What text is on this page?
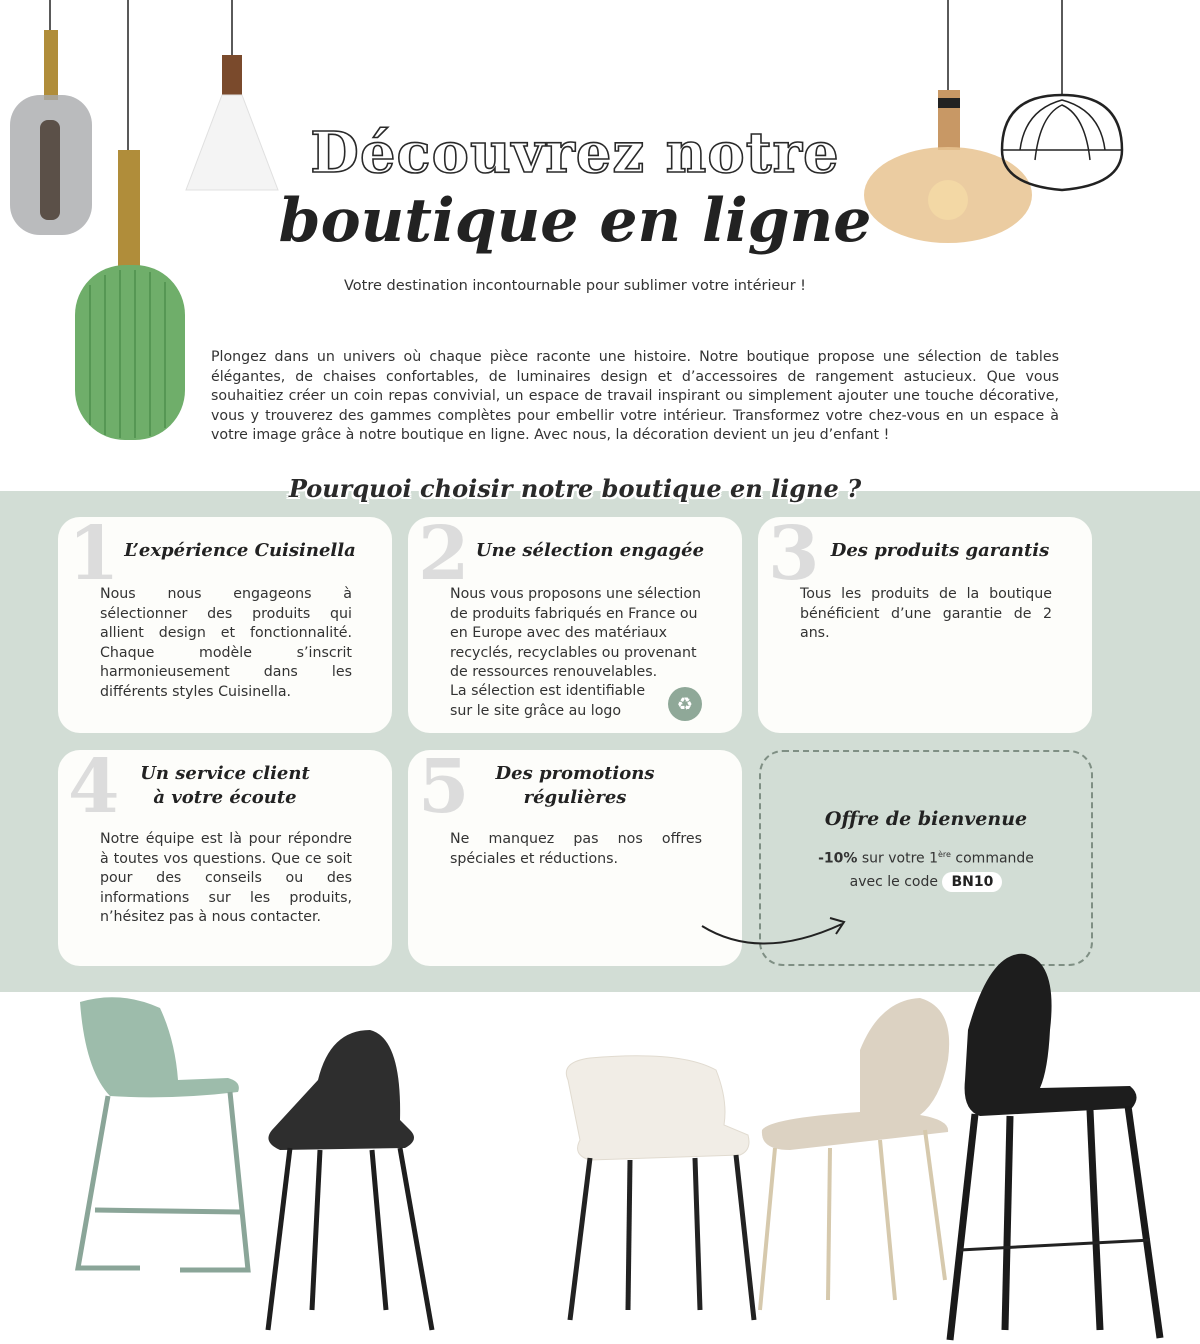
Découvrez notre
boutique en ligne
Votre destination incontournable pour sublimer votre intérieur !
Plongez dans un univers où chaque pièce raconte une histoire. Notre boutique propose une sélection de tables élégantes, de chaises confortables, de luminaires design et d’accessoires de rangement astucieux. Que vous souhaitiez créer un coin repas convivial, un espace de travail inspirant ou simplement ajouter une touche décorative, vous y trouverez des gammes complètes pour embellir votre intérieur. Transformez votre chez-vous en un espace à votre image grâce à notre boutique en ligne. Avec nous, la décoration devient un jeu d’enfant !
Pourquoi choisir notre boutique en ligne ?
1 L’expérience Cuisinella
Nous nous engageons à sélectionner des produits qui allient design et fonctionnalité. Chaque modèle s’inscrit harmonieusement dans les différents styles Cuisinella.
2 Une sélection engagée
Nous vous proposons une sélection de produits fabriqués en France ou en Europe avec des matériaux recyclés, recyclables ou provenant de ressources renouvelables.
La sélection est identifiable sur le site grâce au logo	♻
3 Des produits garantis
Tous les produits de la boutique bénéficient d’une garantie de 2 ans.
4 Un service client à votre écoute
Notre équipe est là pour répondre à toutes vos questions. Que ce soit pour des conseils ou des informations sur les produits, n’hésitez pas à nous contacter.
5	Des promotions régulières
Ne manquez pas nos offres spéciales et réductions.
Offre de bienvenue
-10% sur votre 1ère commande
avec le code BN10
